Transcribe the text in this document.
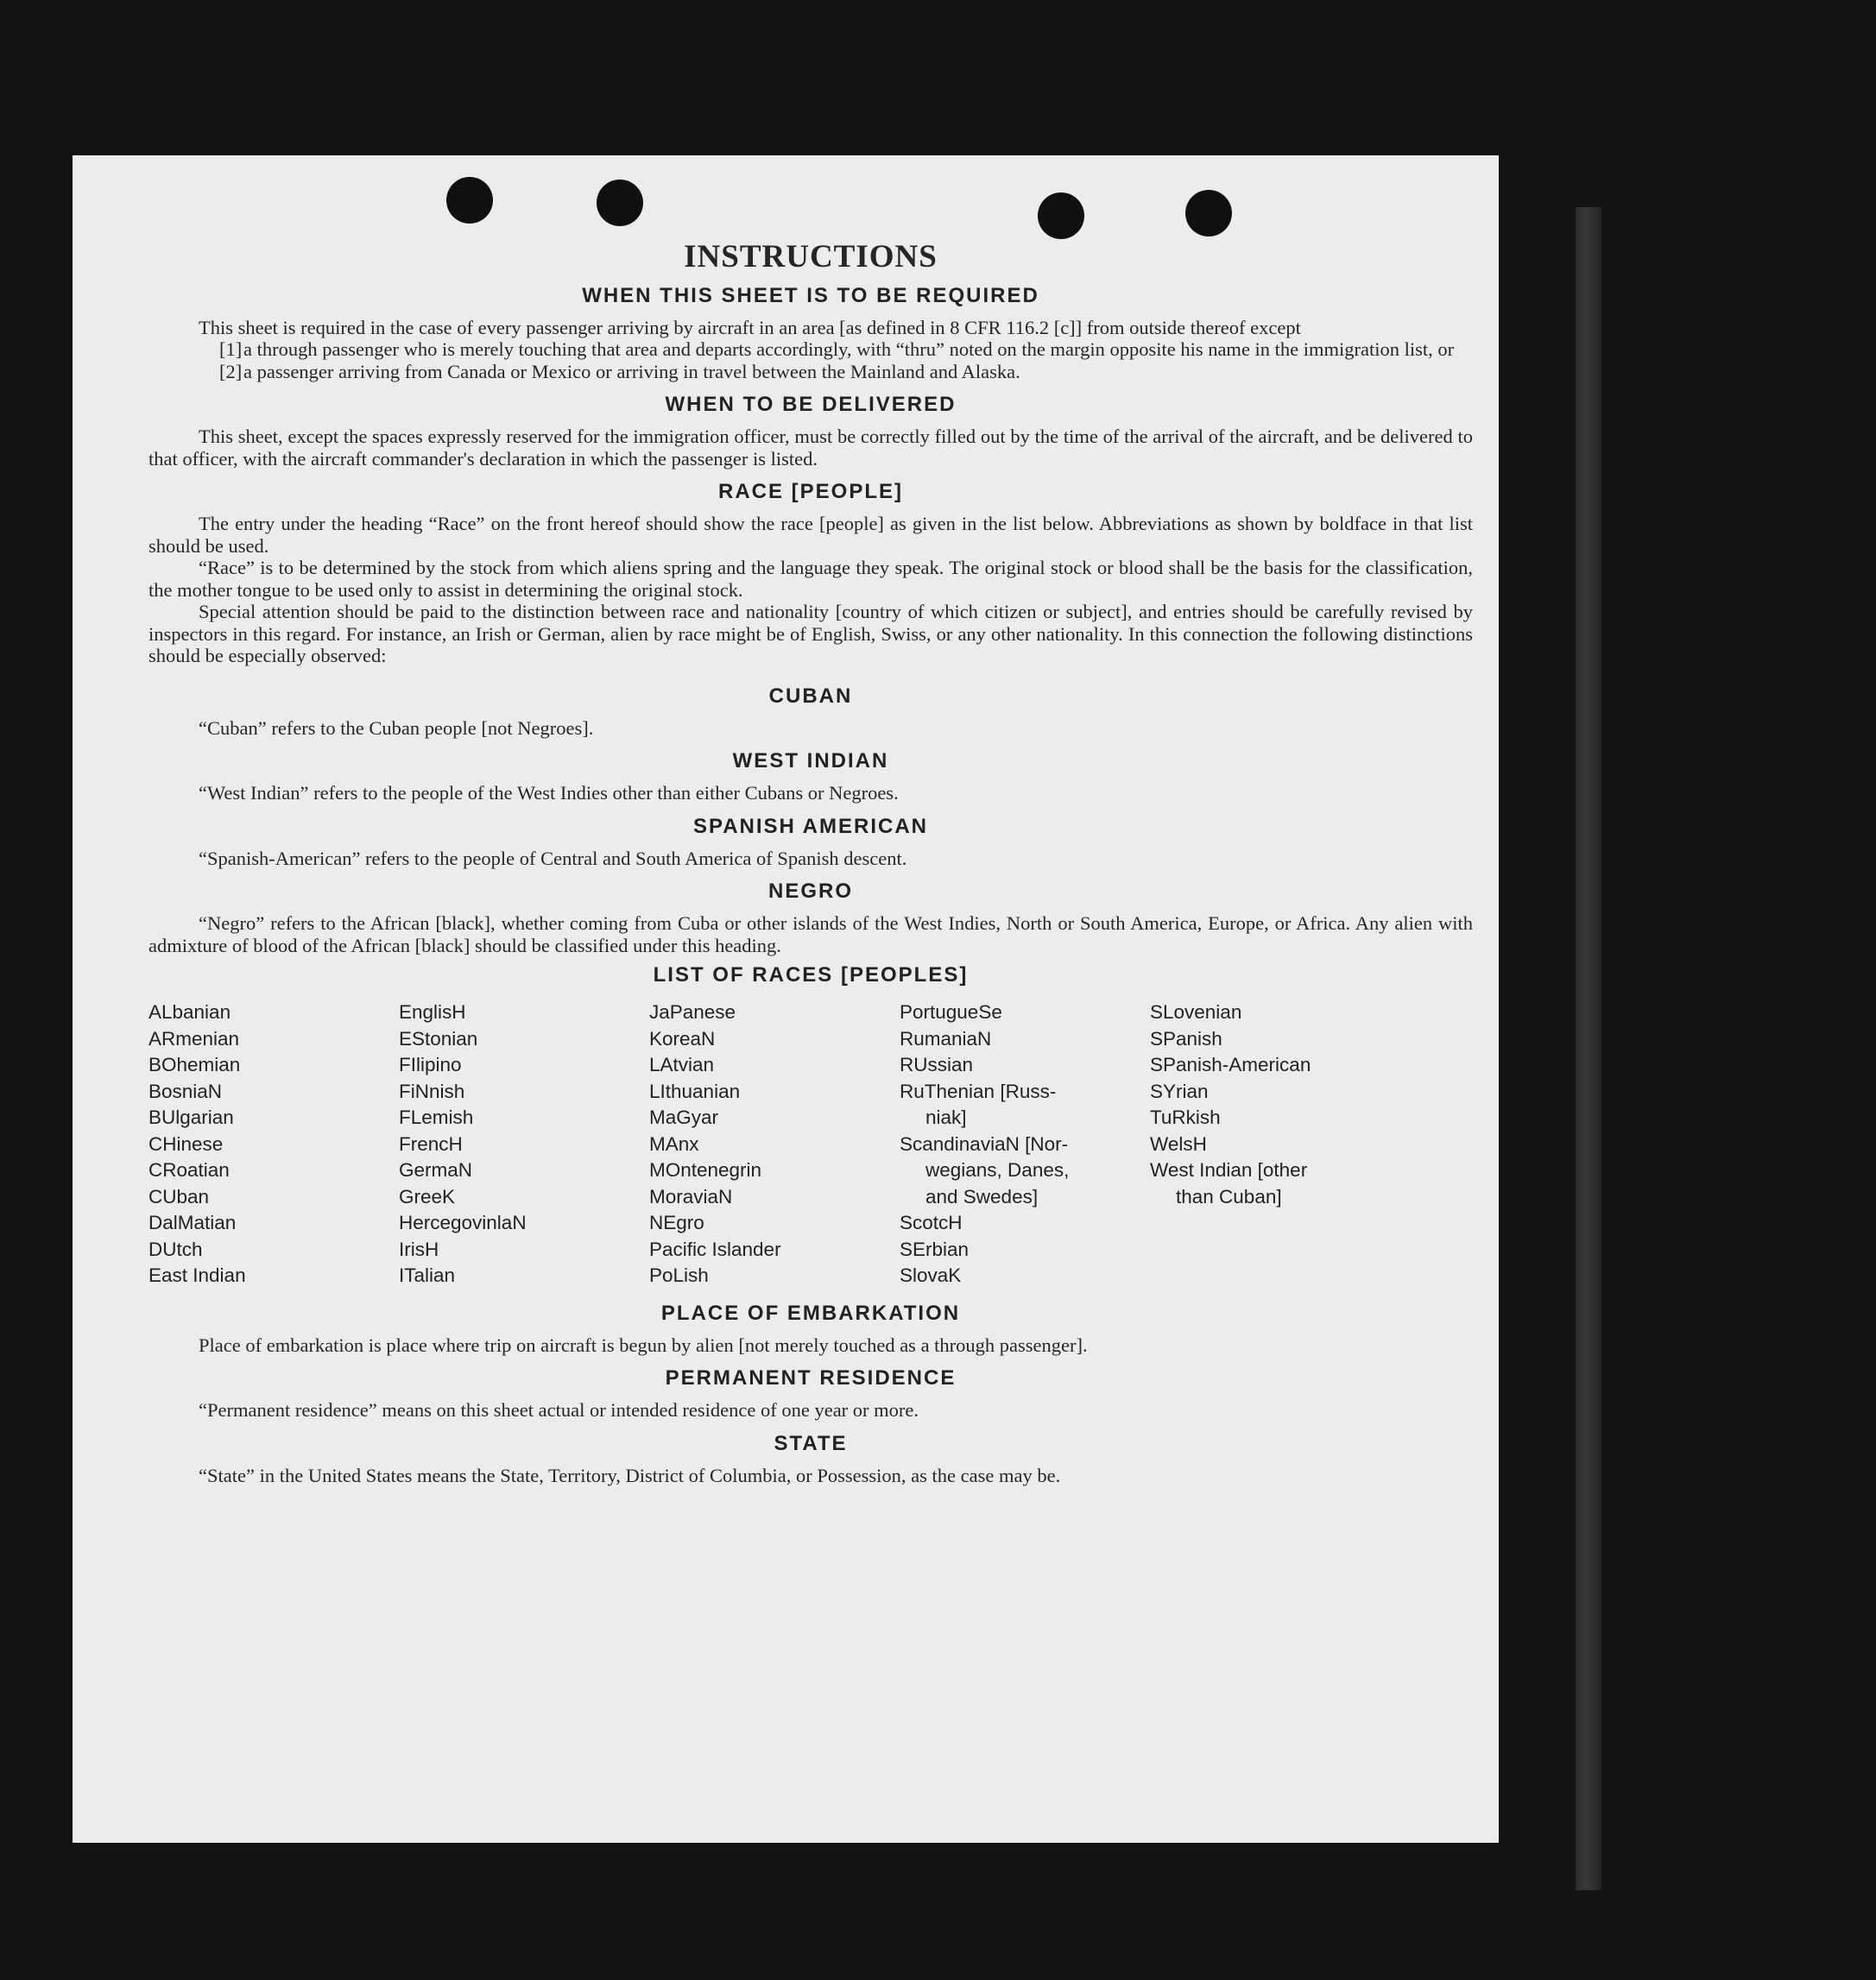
INSTRUCTIONS
WHEN THIS SHEET IS TO BE REQUIRED

This sheet is required in the case of every passenger arriving by aircraft in an area [as defined in 8 CFR 116.2 [c]] from outside thereof except

[1]a through passenger who is merely touching that area and departs accordingly, with “thru” noted on the margin opposite his name in the immigration list, or

[2]a passenger arriving from Canada or Mexico or arriving in travel between the Mainland and Alaska.

WHEN TO BE DELIVERED

This sheet, except the spaces expressly reserved for the immigration officer, must be correctly filled out by the time of the arrival of the aircraft, and be delivered to that officer, with the aircraft commander's declaration in which the passenger is listed.

RACE [PEOPLE]

The entry under the heading “Race” on the front hereof should show the race [people] as given in the list below. Abbreviations as shown by boldface in that list should be used.

“Race” is to be determined by the stock from which aliens spring and the language they speak. The original stock or blood shall be the basis for the classification, the mother tongue to be used only to assist in determining the original stock.

Special attention should be paid to the distinction between race and nationality [country of which citizen or subject], and entries should be carefully revised by inspectors in this regard. For instance, an Irish or German, alien by race might be of English, Swiss, or any other nationality. In this connection the following distinctions should be especially observed:

CUBAN

“Cuban” refers to the Cuban people [not Negroes].

WEST INDIAN

“West Indian” refers to the people of the West Indies other than either Cubans or Negroes.

SPANISH AMERICAN

“Spanish-American” refers to the people of Central and South America of Spanish descent.

NEGRO

“Negro” refers to the African [black], whether coming from Cuba or other islands of the West Indies, North or South America, Europe, or Africa. Any alien with admixture of blood of the African [black] should be classified under this heading.

LIST OF RACES [PEOPLES]
ALbanian
ARmenian
BOhemian
BosniaN
BUlgarian
CHinese
CRoatian
CUban
DalMatian
DUtch
East Indian
EnglisH
EStonian
FIlipino
FiNnish
FLemish
FrencH
GermaN
GreeK
HercegovinlaN
IrisH
ITalian
JaPanese
KoreaN
LAtvian
LIthuanian
MaGyar
MAnx
MOntenegrin
MoraviaN
NEgro
Pacific Islander
PoLish
PortugueSe
RumaniaN
RUssian
RuThenian [Russ-
niak]
ScandinaviaN [Nor-
wegians, Danes,
and Swedes]
ScotcH
SErbian
SlovaK
SLovenian
SPanish
SPanish-American
SYrian
TuRkish
WelsH
West Indian [other
than Cuban]
PLACE OF EMBARKATION

Place of embarkation is place where trip on aircraft is begun by alien [not merely touched as a through passenger].

PERMANENT RESIDENCE

“Permanent residence” means on this sheet actual or intended residence of one year or more.

STATE

“State” in the United States means the State, Territory, District of Columbia, or Possession, as the case may be.
